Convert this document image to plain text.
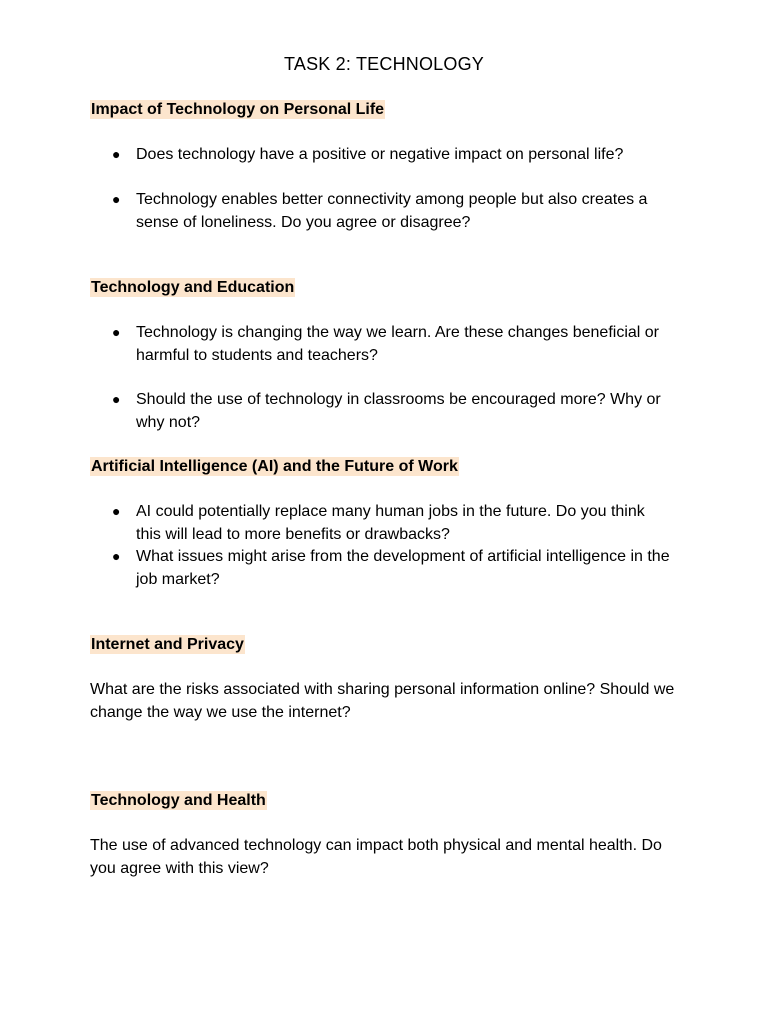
TASK 2: TECHNOLOGY
Impact of Technology on Personal Life
● Does technology have a positive or negative impact on personal life?
● Technology enables better connectivity among people but also creates a sense of loneliness. Do you agree or disagree?
Technology and Education
● Technology is changing the way we learn. Are these changes beneficial or harmful to students and teachers?
● Should the use of technology in classrooms be encouraged more? Why or why not?
Artificial Intelligence (AI) and the Future of Work
● AI could potentially replace many human jobs in the future. Do you think this will lead to more benefits or drawbacks?
● What issues might arise from the development of artificial intelligence in the job market?
Internet and Privacy
What are the risks associated with sharing personal information online? Should we change the way we use the internet?
Technology and Health
The use of advanced technology can impact both physical and mental health. Do you agree with this view?
